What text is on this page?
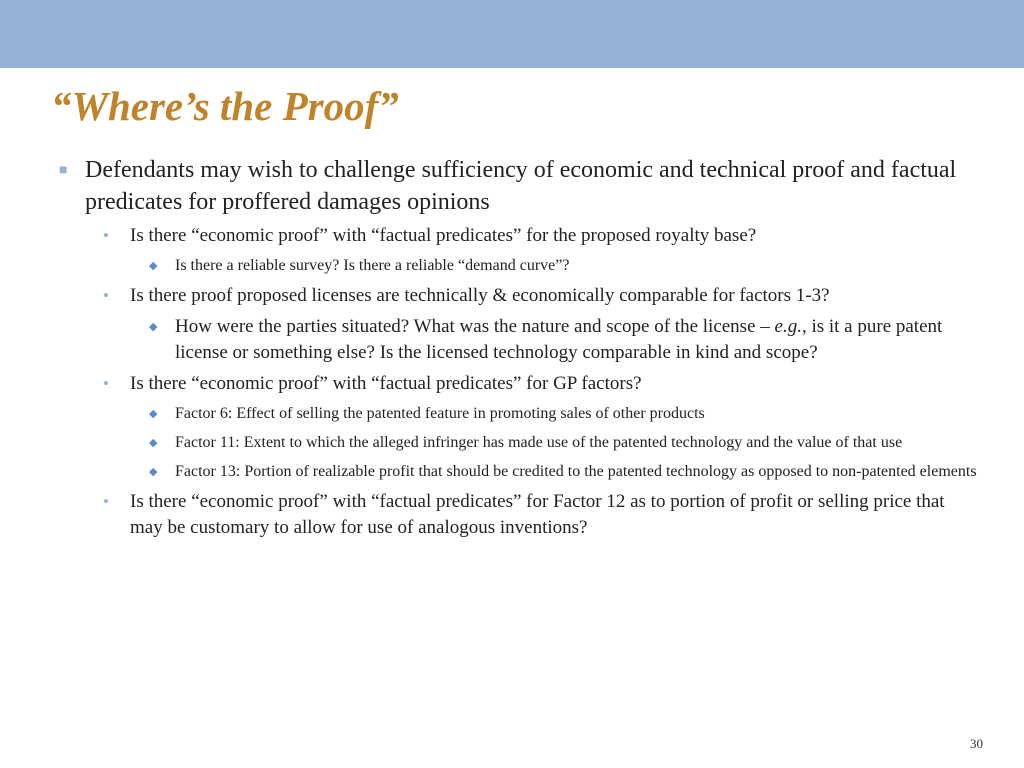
“Where’s the Proof”
■ Defendants may wish to challenge sufficiency of economic and technical proof and factual predicates for proffered damages opinions
• Is there “economic proof” with “factual predicates” for the proposed royalty base?
◆ Is there a reliable survey? Is there a reliable “demand curve”?
• Is there proof proposed licenses are technically & economically comparable for factors 1-3?
◆ How were the parties situated? What was the nature and scope of the license – e.g., is it a pure patent license or something else? Is the licensed technology comparable in kind and scope?
• Is there “economic proof” with “factual predicates” for GP factors?
◆ Factor 6: Effect of selling the patented feature in promoting sales of other products
◆ Factor 11: Extent to which the alleged infringer has made use of the patented technology and the value of that use
◆ Factor 13: Portion of realizable profit that should be credited to the patented technology as opposed to non-patented elements
• Is there “economic proof” with “factual predicates” for Factor 12 as to portion of profit or selling price that may be customary to allow for use of analogous inventions?
30
